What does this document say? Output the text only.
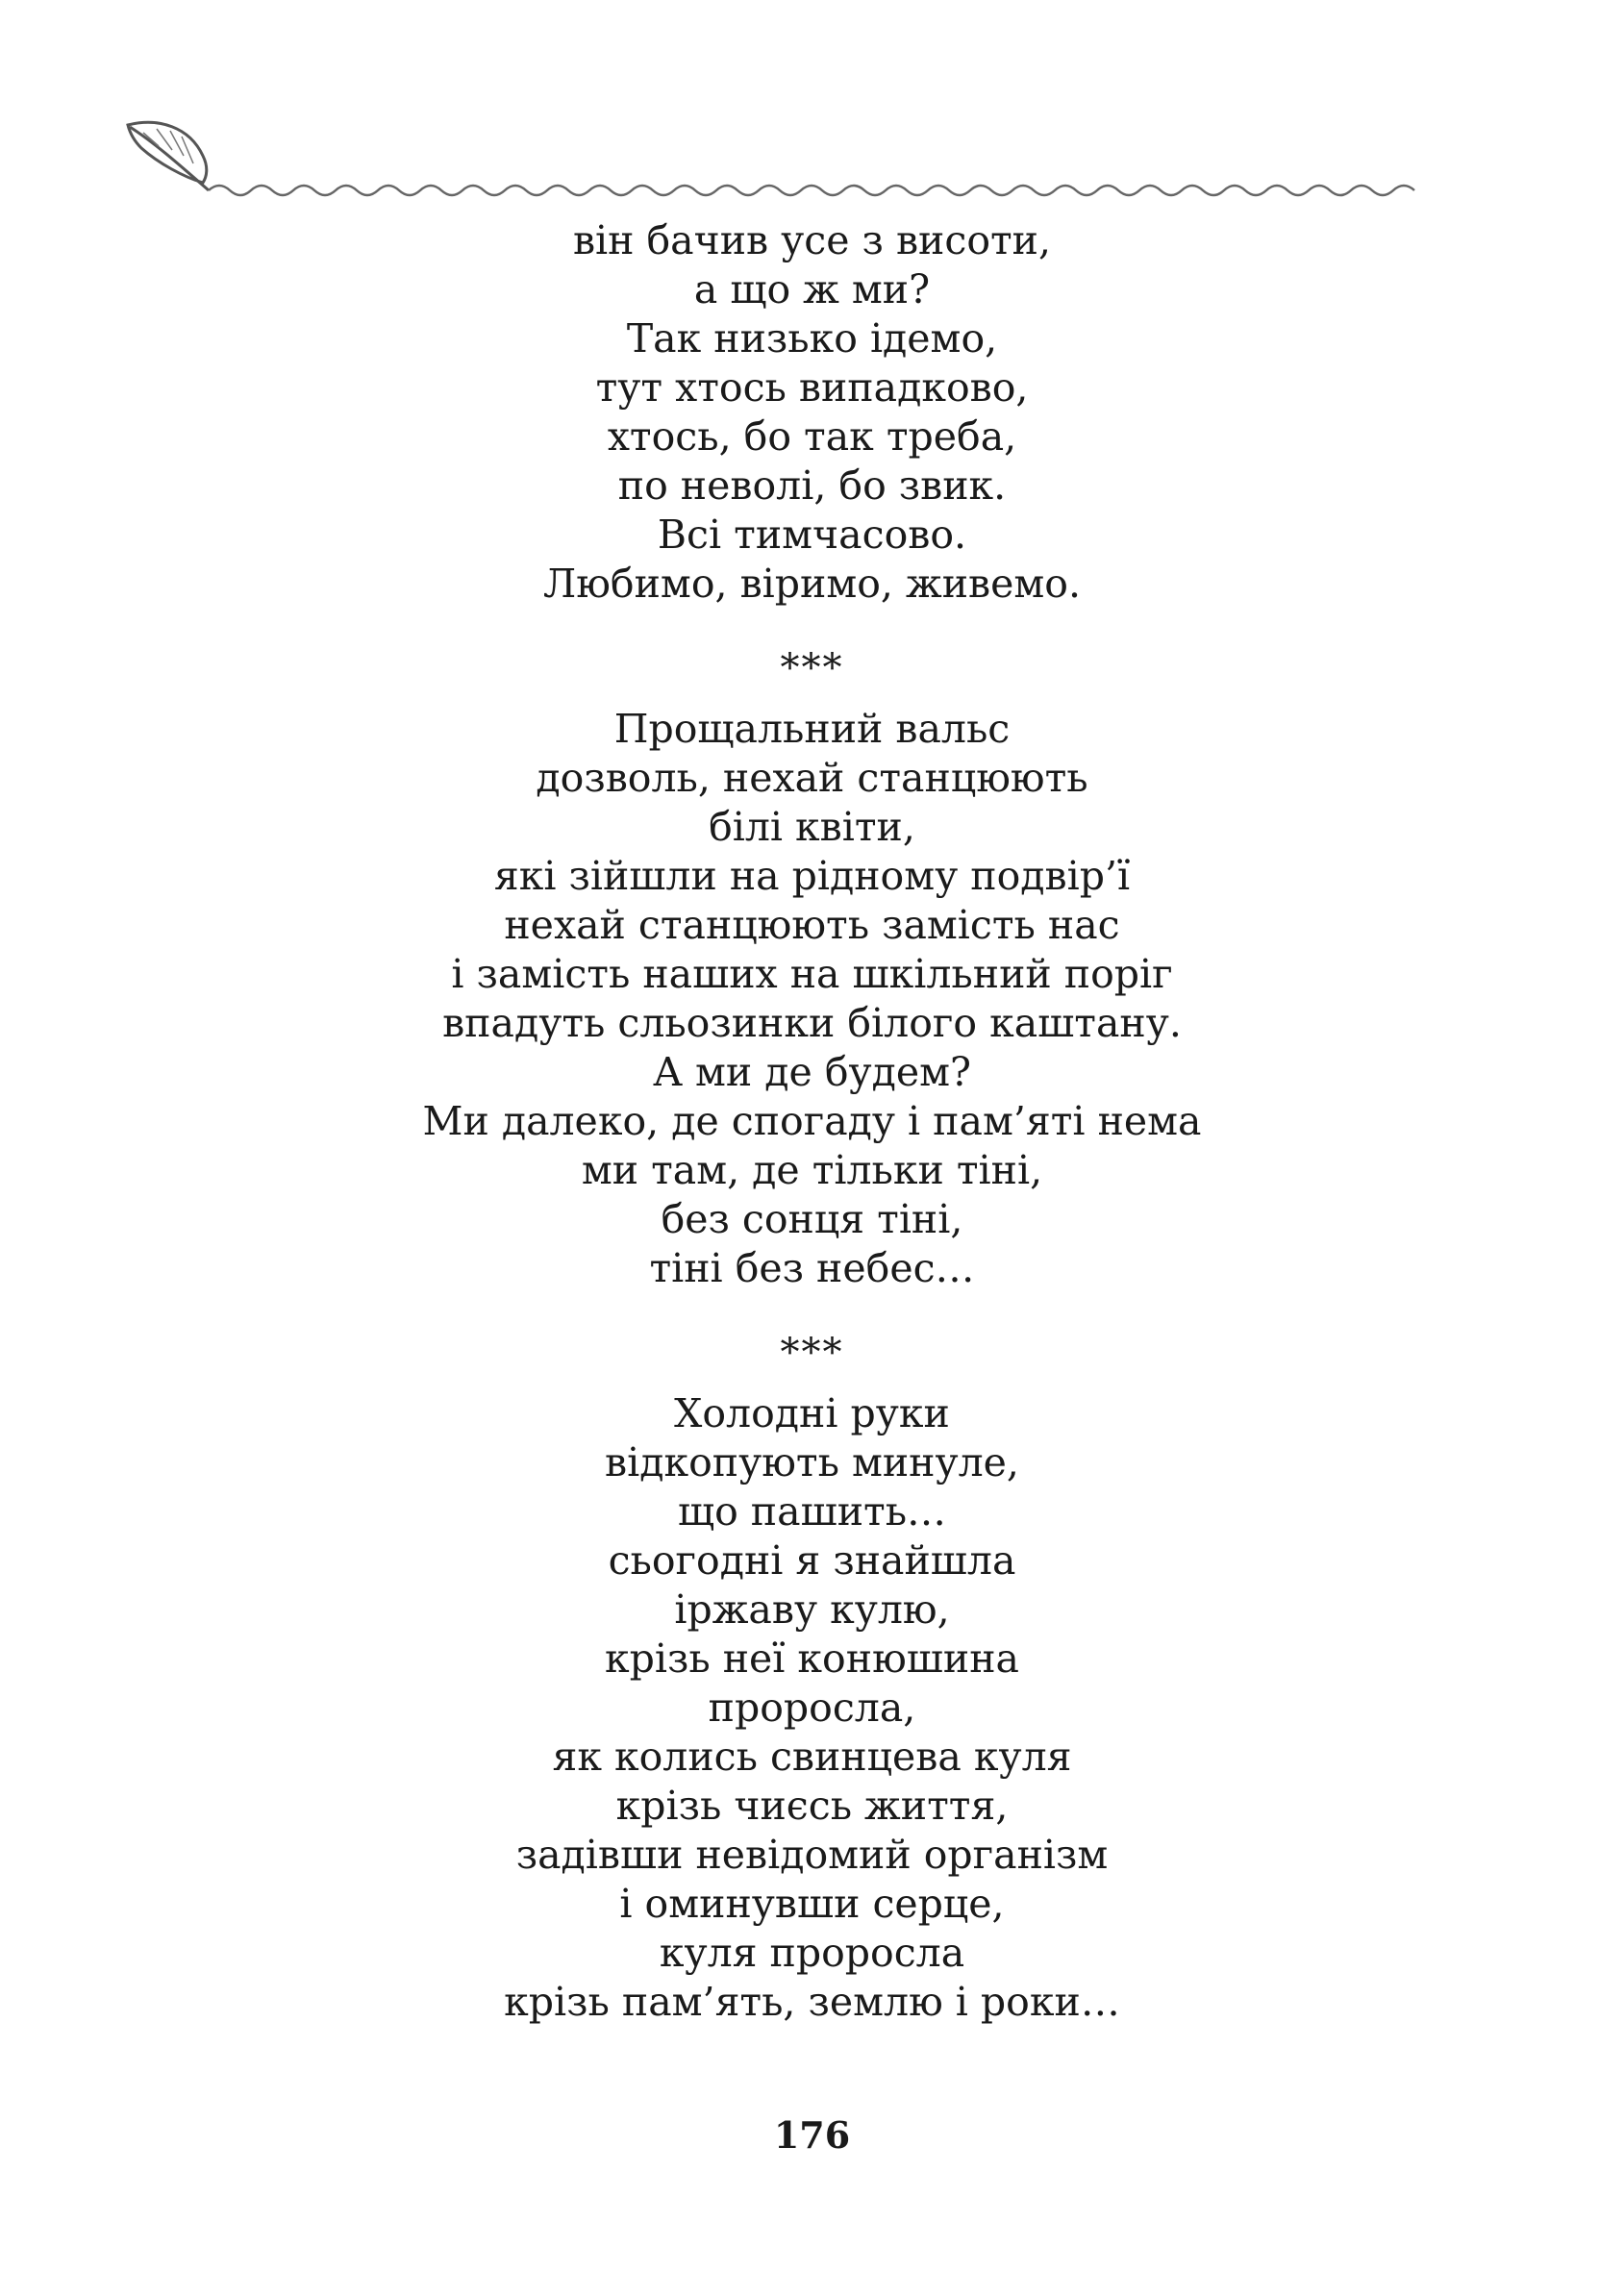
він бачив усе з висоти,
а що ж ми?
Так низько ідемо,
тут хтось випадково,
хтось, бо так треба,
по неволі, бо звик.
Всі тимчасово.
Любимо, віримо, живемо.
***
Прощальний вальс
дозволь, нехай станцюють
білі квіти,
які зійшли на рідному подвір’ї
нехай станцюють замість нас
і замість наших на шкільний поріг
впадуть сльозинки білого каштану.
А ми де будем?
Ми далеко, де спогаду і пам’яті нема
ми там, де тільки тіні,
без сонця тіні,
тіні без небес…
***
Холодні руки
відкопують минуле,
що пашить…
сьогодні я знайшла
іржаву кулю,
крізь неї конюшина
проросла,
як колись свинцева куля
крізь чиєсь життя,
задівши невідомий організм
і оминувши серце,
куля проросла
крізь пам’ять, землю і роки…
176
